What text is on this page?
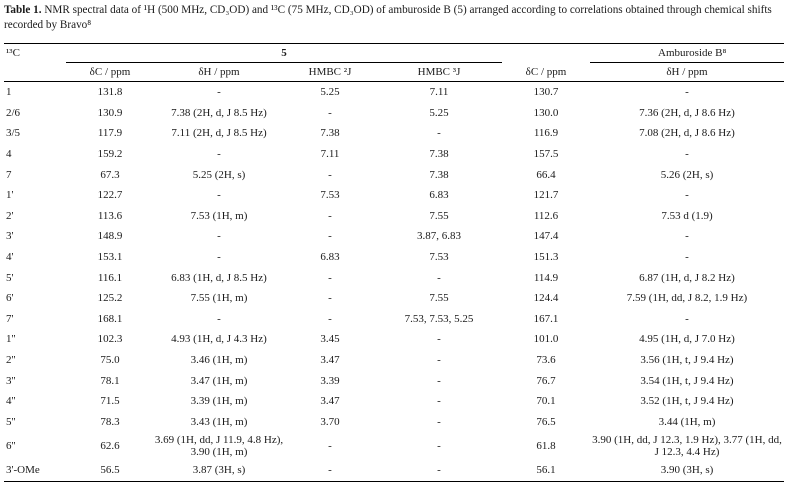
Table 1. NMR spectral data of ¹H (500 MHz, CD₃OD) and ¹³C (75 MHz, CD₃OD) of amburoside B (5) arranged according to correlations obtained through chemical shifts recorded by Bravo⁸
¹³C	5					Amburoside B⁸
	δC / ppm	δH / ppm	HMBC ²J	HMBC ³J	δC / ppm	δH / ppm
1	131.8	-	5.25	7.11	130.7	-
2/6	130.9	7.38 (2H, d, J 8.5 Hz)	-	5.25	130.0	7.36 (2H, d, J 8.6 Hz)
3/5	117.9	7.11 (2H, d, J 8.5 Hz)	7.38	-	116.9	7.08 (2H, d, J 8.6 Hz)
4	159.2	-	7.11	7.38	157.5	-
7	67.3	5.25 (2H, s)	-	7.38	66.4	5.26 (2H, s)
1'	122.7	-	7.53	6.83	121.7	-
2'	113.6	7.53 (1H, m)	-	7.55	112.6	7.53 d (1.9)
3'	148.9	-	-	3.87, 6.83	147.4	-
4'	153.1	-	6.83	7.53	151.3	-
5'	116.1	6.83 (1H, d, J 8.5 Hz)	-	-	114.9	6.87 (1H, d, J 8.2 Hz)
6'	125.2	7.55 (1H, m)	-	7.55	124.4	7.59 (1H, dd, J 8.2, 1.9 Hz)
7'	168.1	-	-	7.53, 7.53, 5.25	167.1	-
1''	102.3	4.93 (1H, d, J 4.3 Hz)	3.45	-	101.0	4.95 (1H, d, J 7.0 Hz)
2''	75.0	3.46 (1H, m)	3.47	-	73.6	3.56 (1H, t, J 9.4 Hz)
3''	78.1	3.47 (1H, m)	3.39	-	76.7	3.54 (1H, t, J 9.4 Hz)
4''	71.5	3.39 (1H, m)	3.47	-	70.1	3.52 (1H, t, J 9.4 Hz)
5''	78.3	3.43 (1H, m)	3.70	-	76.5	3.44 (1H, m)
6''	62.6	3.69 (1H, dd, J 11.9, 4.8 Hz), 3.90 (1H, m)	-	-	61.8	3.90 (1H, dd, J 12.3, 1.9 Hz), 3.77 (1H, dd, J 12.3, 4.4 Hz)
3'-OMe	56.5	3.87 (3H, s)	-	-	56.1	3.90 (3H, s)
